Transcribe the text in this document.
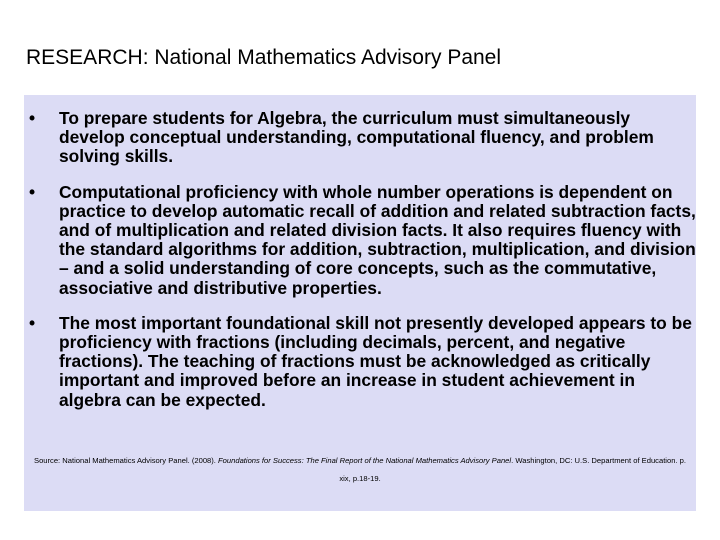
RESEARCH: National Mathematics Advisory Panel
•	To prepare students for Algebra, the curriculum must simultaneously develop conceptual understanding, computational fluency, and problem solving skills.
•	Computational proficiency with whole number operations is dependent on practice to develop automatic recall of addition and related subtraction facts, and of multiplication and related division facts. It also requires fluency with the standard algorithms for addition, subtraction, multiplication, and division – and a solid understanding of core concepts, such as the commutative, associative and distributive properties.
•	The most important foundational skill not presently developed appears to be proficiency with fractions (including decimals, percent, and negative fractions). The teaching of fractions must be acknowledged as critically important and improved before an increase in student achievement in algebra can be expected.
Source: National Mathematics Advisory Panel. (2008). Foundations for Success: The Final Report of the National Mathematics Advisory Panel. Washington, DC: U.S. Department of Education. p. xix, p.18-19.
